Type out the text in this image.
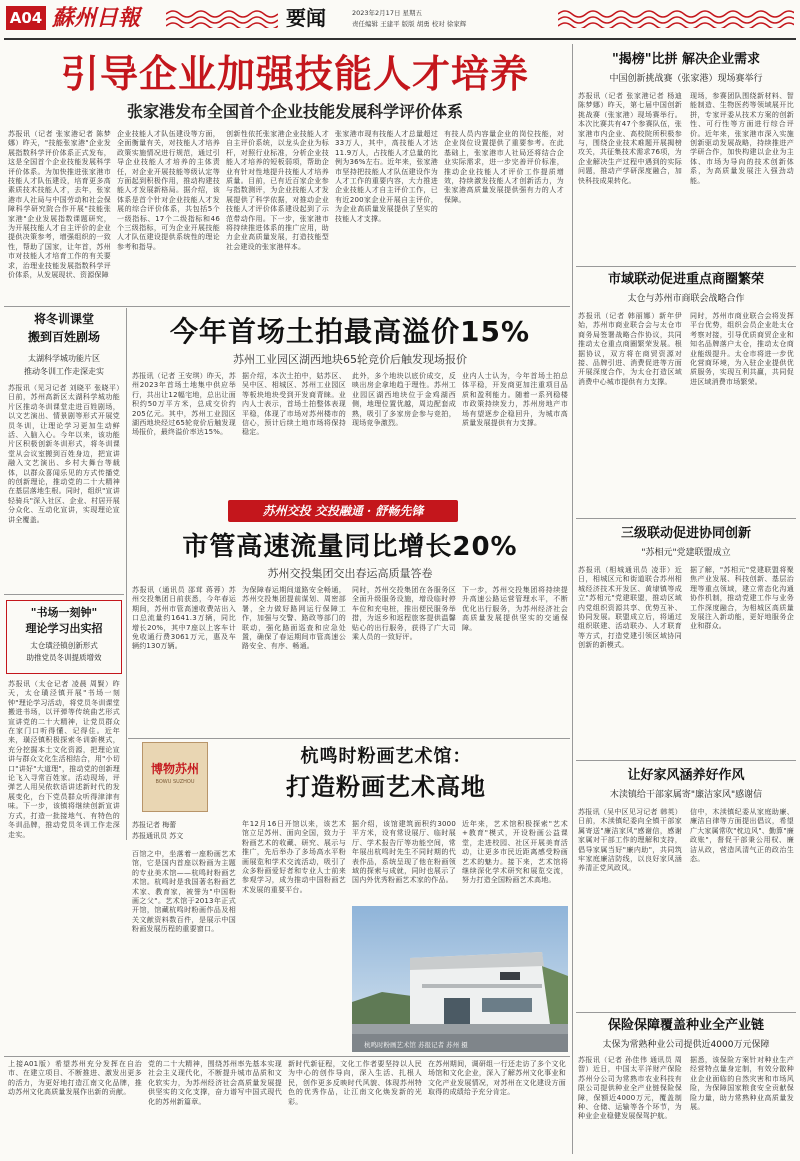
A04 蘇州日報	要闻	2023年2月17日 星期五
责任编辑 王建平 版版 胡勇 校对 徐家辉
引导企业加强技能人才培养
张家港发布全国首个企业技能发展科学评价体系
苏报讯（记者 张家港记者 陈梦娜）昨天，"技能张家港"企业发展指数科学评价体系正式发布，这是全国首个企业技能发展科学评价体系。为加快推进张家港市技能人才队伍建设，培育更多高素质技术技能人才，去年，张家港市人社局与中国劳动和社会保障科学研究院合作开展"技能张家港"企业发展指数课题研究，为开展技能人才自主评价的企业提供决策参考，增强组织的一致性，帮助了国家，让年首，苏州市对技能人才培育工作的有关要求，治理业技能发展指数科学评价体系，从发展现状、资源保障
企业技能人才队伍建设等方面，全面衡量有关，对技能人才培养政策实施情况进行规范，通过引导企业技能人才培养的主体责任，对企业开展技能等级认定等方面起到积极作用，推动构建技能人才发展新格局。据介绍，该体系是首个针对企业技能人才发展的综合评价体系，共包括5个一级指标、17个二级指标和46个三级指标，可为企业开展技能人才队伍建设提供系统性的理论参考和指导。
创新性依托张家港企业技能人才自主评价系统，以龙头企业为标杆，对照行业标准，分析企业技能人才培养的短板弱项，帮助企业有针对性地提升技能人才培养质量。目前，已有近百家企业参与指数测评，为企业技能人才发展提供了科学依据，对推动企业技能人才评价体系建设起到了示范带动作用。下一步，张家港市将持续推进体系的推广应用，助力企业高质量发展，打造技能型社会建设的张家港样本。
张家港市现有技能人才总量超过33万人，其中，高技能人才达11.9万人，占技能人才总量的比例为36%左右。近年来，张家港市坚持把技能人才队伍建设作为人才工作的重要内容，大力推进企业技能人才自主评价工作，已有近200家企业开展自主评价，为企业高质量发展提供了坚实的技能人才支撑。
有技人员内容量企业的岗位技能，对企业岗位设置提供了重要参考。在此基础上，张家港市人社局还将结合企业实际需求，进一步完善评价标准，推动企业技能人才评价工作提质增效，持续激发技能人才创新活力，为张家港高质量发展提供强有力的人才保障。
"揭榜"比拼 解决企业需求
中国创新挑战赛（张家港）现场赛举行
苏报讯（记者 张家港记者 杨迪 陈梦娜）昨天，第七届中国创新挑战赛（张家港）现场赛举行。本次比赛共有47个参赛队伍，张家港市内企业、高校院所积极参与，围绕企业技术难题开展揭榜攻关，共征集技术需求76项，为企业解决生产过程中遇到的实际问题，推动产学研深度融合，加快科技成果转化。
现场，参赛团队围绕新材料、智能制造、生物医药等领域展开比拼，专家评委从技术方案的创新性、可行性等方面进行综合评价。近年来，张家港市深入实施创新驱动发展战略，持续推进产学研合作，加快构建以企业为主体、市场为导向的技术创新体系，为高质量发展注入强劲动能。
市域联动促进重点商圈繁荣
太仓与苏州市商联会战略合作
苏报讯（记者 韩丽娜）新年伊始，苏州市商业联合会与太仓市商务局签署战略合作协议，共同推动太仓重点商圈繁荣发展。根据协议，双方将在商贸资源对接、品牌引进、消费促进等方面开展深度合作，为太仓打造区域消费中心城市提供有力支撑。
同时，苏州市商业联合会将发挥平台优势，组织会员企业赴太仓考察对接，引导优质商贸企业和知名品牌落户太仓，推动太仓商业能级提升。太仓市将进一步优化营商环境，为入驻企业提供优质服务，实现互利共赢，共同促进区域消费市场繁荣。
三级联动促进协同创新
"苏相元"党建联盟成立
苏报讯（相城通讯员 凌菲）近日，相城区元和街道联合苏州相城经济技术开发区、黄埭镇等成立"苏相元"党建联盟，推动区域内党组织资源共享、优势互补、协同发展。联盟成立后，将通过组织联建、活动联办、人才联育等方式，打造党建引领区域协同创新的新模式。
据了解，"苏相元"党建联盟将聚焦产业发展、科技创新、基层治理等重点领域，建立常态化沟通协作机制，推动党建工作与业务工作深度融合，为相城区高质量发展注入新动能，更好地服务企业和群众。
让好家风涵养好作风
木渎镇给干部家属寄"廉洁家风"感谢信
苏报讯（吴中区见习记者 韩英）日前，木渎镇纪委向全镇干部家属寄送"廉洁家风"感谢信，感谢家属对干部工作的理解和支持，倡导家属当好"廉内助"，共同筑牢家庭廉洁防线，以良好家风涵养清正党风政风。
信中，木渎镇纪委从家庭助廉、廉洁自律等方面提出倡议，希望广大家属常吹"枕边风"、勤算"廉政账"，督促干部秉公用权、廉洁从政，营造风清气正的政治生态。
保险保障覆盖种业全产业链
太保为常熟种业公司提供近4000万元保障
苏报讯（记者 孙佳伟 通讯员 周智）近日，中国太平洋财产保险苏州分公司为常熟市农业科技有限公司提供种业全产业链保险保障，保额近4000万元，覆盖制种、仓储、运输等各个环节，为种业企业稳健发展保驾护航。
据悉，该保险方案针对种业生产经营特点量身定制，有效分散种业企业面临的自然灾害和市场风险，为保障国家粮食安全贡献保险力量，助力常熟种业高质量发展。
将冬训课堂
搬到百姓剧场
太湖科学城功能片区
推动冬训工作走深走实
苏报讯（见习记者 刘晓平 张晓平）日前，苏州高新区太湖科学城功能片区推动冬训课堂走进百姓剧场，以文艺演出、情景剧等形式开展党员冬训，让理论学习更加生动鲜活、入脑入心。今年以来，该功能片区积极创新冬训形式，将冬训课堂从会议室搬到百姓身边，把宣讲融入文艺演出、乡村大舞台等载体，以群众喜闻乐见的方式传播党的创新理论，推动党的二十大精神在基层落地生根。同时，组织"宣讲轻骑兵"深入社区、企业、村居开展分众化、互动化宣讲，实现理论宣讲全覆盖。
今年首场土拍最高溢价15%
苏州工业园区湖西地块65轮竞价后触发现场报价
苏报讯（记者 王安琪）昨天，苏州2023年首场土地集中供应举行，共出让12幅宅地，总出让面积约50万平方米，总成交价约205亿元。其中，苏州工业园区湖西地块经过65轮竞价后触发现场报价，最终溢价率达15%。
据介绍，本次土拍中，姑苏区、吴中区、相城区、苏州工业园区等板块地块受到开发商青睐。业内人士表示，首场土拍整体表现平稳，体现了市场对苏州楼市的信心，预计后续土地市场将保持稳定。
此外，多个地块以底价成交，反映出房企拿地趋于理性。苏州工业园区湖西地块位于金鸡湖西侧，地理位置优越，周边配套成熟，吸引了多家房企参与竞拍，现场竞争激烈。
业内人士认为，今年首场土拍总体平稳，开发商更加注重项目品质和盈利能力。随着一系列稳楼市政策持续发力，苏州房地产市场有望逐步企稳回升，为城市高质量发展提供有力支撑。
苏州交投 交投融通 · 舒畅先锋
市管高速流量同比增长20%
苏州交投集团交出春运高质量答卷
苏报讯（通讯员 邵茸 蒋蓉）苏州交投集团日前获悉，今年春运期间，苏州市管高速收费站出入口总流量约1641.3万辆，同比增长20%，其中7座以上客车计免收通行费3061万元，惠及车辆约130万辆。
为保障春运期间道路安全畅通，苏州交投集团提前谋划、周密部署，全力做好路网运行保障工作，加强与交警、路政等部门的联动，强化路面巡查和应急处置，确保了春运期间市管高速公路安全、有序、畅通。
同时，苏州交投集团在各服务区全面升级服务设施，增设临时停车位和充电桩，推出便民服务举措，为返乡和返程旅客提供温馨贴心的出行服务，获得了广大司乘人员的一致好评。
下一步，苏州交投集团将持续提升高速公路运营管理水平，不断优化出行服务，为苏州经济社会高质量发展提供坚实的交通保障。
"书场一刻钟"
理论学习出实招
太仓璜泾镇创新形式
助推党员冬训提质增效
苏报讯（太仓记者 凌晨 周賢）昨天，太仓璜泾镇开展"书场一刻钟"理论学习活动，将党员冬训课堂搬进书场，以评弹等传统曲艺形式宣讲党的二十大精神，让党员群众在家门口听得懂、记得住。近年来，璜泾镇积极探索冬训新模式，充分挖掘本土文化资源，把理论宣讲与群众文化生活相结合，用"小切口"讲好"大道理"，推动党的创新理论飞入寻常百姓家。活动现场，评弹艺人用吴侬软语讲述新时代的发展变化，台下党员群众听得津津有味。下一步，该镇将继续创新宣讲方式，打造一批接地气、有特色的冬训品牌，推动党员冬训工作走深走实。
博物苏州
BOWU SUZHOU
杭鸣时粉画艺术馆：
打造粉画艺术高地
苏报记者 梅蕾
苏报通讯员 苏文
百馆之中，坐落着一座粉画艺术馆，它是国内首座以粉画为主题的专业美术馆——杭鸣时粉画艺术馆。杭鸣时是我国著名粉画艺术家、教育家，被誉为"中国粉画之父"。艺术馆于2013年正式开馆，馆藏杭鸣时粉画作品及相关文献资料数百件，是展示中国粉画发展历程的重要窗口。
年12月16日开馆以来，该艺术馆立足苏州、面向全国，致力于粉画艺术的收藏、研究、展示与推广，先后举办了多场高水平粉画展览和学术交流活动，吸引了众多粉画爱好者和专业人士前来参观学习，成为推动中国粉画艺术发展的重要平台。
据介绍，该馆建筑面积约3000平方米，设有常设展厅、临时展厅、学术报告厅等功能空间，常年展出杭鸣时先生不同时期的代表作品，系统呈现了他在粉画领域的探索与成就，同时也展示了国内外优秀粉画艺术家的作品。
近年来，艺术馆积极探索"艺术+教育"模式，开设粉画公益课堂，走进校园、社区开展美育活动，让更多市民近距离感受粉画艺术的魅力。接下来，艺术馆将继续深化学术研究和展览交流，努力打造全国粉画艺术高地。
杭鸣时粉画艺术馆 苏报记者 苏州 摄
上接A01版）希望苏州充分发挥在自治市、在建立项目、不断推进、激发出更多的活力，为更好地打造江南文化品牌，推动苏州文化高质量发展作出新的贡献。
党的二十大精神，围绕苏州率先基本实现社会主义现代化，不断提升城市品质和文化软实力，为苏州经济社会高质量发展提供坚实的文化支撑，奋力谱写中国式现代化的苏州新篇章。
新时代新征程，文化工作者要坚持以人民为中心的创作导向，深入生活、扎根人民，创作更多反映时代风貌、体现苏州特色的优秀作品，让江南文化焕发新的光彩。
在苏州期间，调研组一行还走访了多个文化场馆和文化企业，深入了解苏州文化事业和文化产业发展情况，对苏州在文化建设方面取得的成绩给予充分肯定。
